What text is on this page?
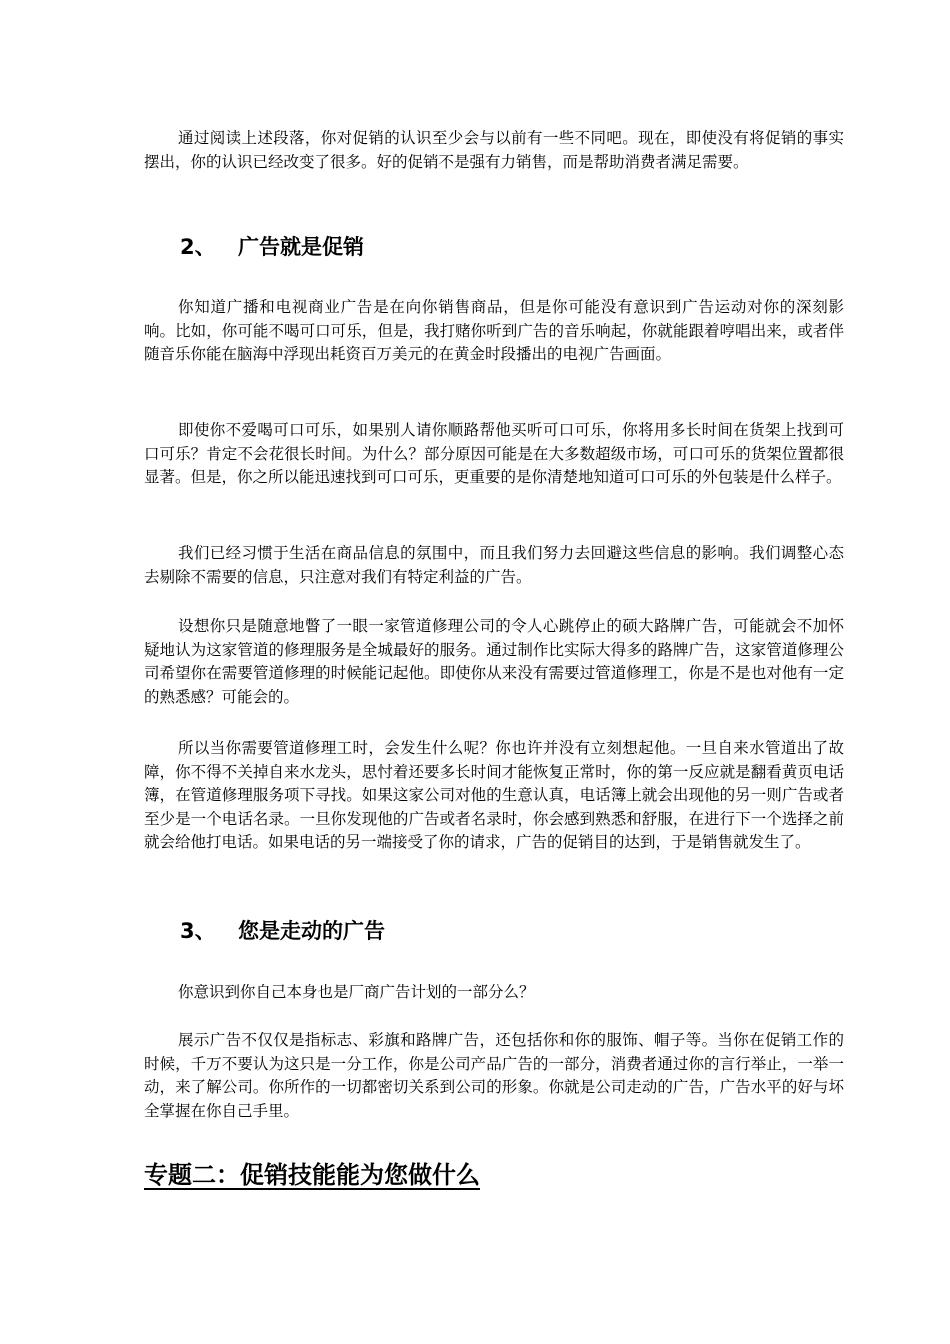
通过阅读上述段落，你对促销的认识至少会与以前有一些不同吧。现在，即使没有将促销的事实摆出，你的认识已经改变了很多。好的促销不是强有力销售，而是帮助消费者满足需要。

2、 广告就是促销

你知道广播和电视商业广告是在向你销售商品，但是你可能没有意识到广告运动对你的深刻影响。比如，你可能不喝可口可乐，但是，我打赌你听到广告的音乐响起，你就能跟着哼唱出来，或者伴随音乐你能在脑海中浮现出耗资百万美元的在黄金时段播出的电视广告画面。

即使你不爱喝可口可乐，如果别人请你顺路帮他买听可口可乐，你将用多长时间在货架上找到可口可乐？肯定不会花很长时间。为什么？部分原因可能是在大多数超级市场，可口可乐的货架位置都很显著。但是，你之所以能迅速找到可口可乐，更重要的是你清楚地知道可口可乐的外包装是什么样子。

我们已经习惯于生活在商品信息的氛围中，而且我们努力去回避这些信息的影响。我们调整心态去剔除不需要的信息，只注意对我们有特定利益的广告。

设想你只是随意地瞥了一眼一家管道修理公司的令人心跳停止的硕大路牌广告，可能就会不加怀疑地认为这家管道的修理服务是全城最好的服务。通过制作比实际大得多的路牌广告，这家管道修理公司希望你在需要管道修理的时候能记起他。即使你从来没有需要过管道修理工，你是不是也对他有一定的熟悉感？可能会的。

所以当你需要管道修理工时，会发生什么呢？你也许并没有立刻想起他。一旦自来水管道出了故障，你不得不关掉自来水龙头，思忖着还要多长时间才能恢复正常时，你的第一反应就是翻看黄页电话簿，在管道修理服务项下寻找。如果这家公司对他的生意认真，电话簿上就会出现他的另一则广告或者至少是一个电话名录。一旦你发现他的广告或者名录时，你会感到熟悉和舒服，在进行下一个选择之前就会给他打电话。如果电话的另一端接受了你的请求，广告的促销目的达到，于是销售就发生了。

3、 您是走动的广告

你意识到你自己本身也是厂商广告计划的一部分么？

展示广告不仅仅是指标志、彩旗和路牌广告，还包括你和你的服饰、帽子等。当你在促销工作的时候，千万不要认为这只是一分工作，你是公司产品广告的一部分，消费者通过你的言行举止，一举一动，来了解公司。你所作的一切都密切关系到公司的形象。你就是公司走动的广告，广告水平的好与坏全掌握在你自己手里。

专题二：促销技能能为您做什么
